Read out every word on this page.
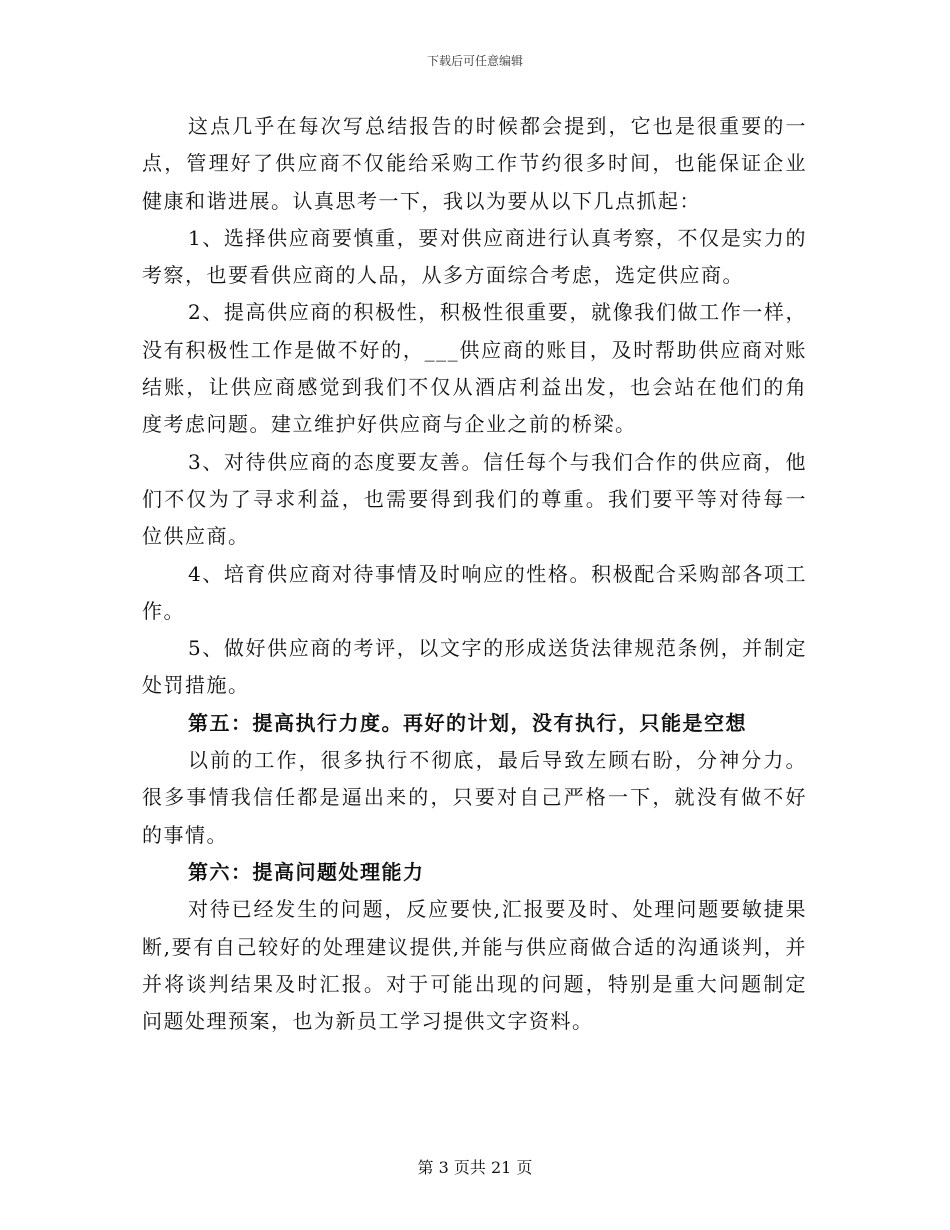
下载后可任意编辑

这点几乎在每次写总结报告的时候都会提到，它也是很重要的一点，管理好了供应商不仅能给采购工作节约很多时间，也能保证企业健康和谐进展。认真思考一下，我以为要从以下几点抓起：

1、选择供应商要慎重，要对供应商进行认真考察，不仅是实力的考察，也要看供应商的人品，从多方面综合考虑，选定供应商。

2、提高供应商的积极性，积极性很重要，就像我们做工作一样，没有积极性工作是做不好的，___供应商的账目，及时帮助供应商对账结账，让供应商感觉到我们不仅从酒店利益出发，也会站在他们的角度考虑问题。建立维护好供应商与企业之前的桥梁。

3、对待供应商的态度要友善。信任每个与我们合作的供应商，他们不仅为了寻求利益，也需要得到我们的尊重。我们要平等对待每一位供应商。

4、培育供应商对待事情及时响应的性格。积极配合采购部各项工作。

5、做好供应商的考评，以文字的形成送货法律规范条例，并制定处罚措施。

第五：提高执行力度。再好的计划，没有执行，只能是空想

以前的工作，很多执行不彻底，最后导致左顾右盼，分神分力。很多事情我信任都是逼出来的，只要对自己严格一下，就没有做不好的事情。

第六：提高问题处理能力

对待已经发生的问题，反应要快,汇报要及时、处理问题要敏捷果断,要有自己较好的处理建议提供,并能与供应商做合适的沟通谈判，并并将谈判结果及时汇报。对于可能出现的问题，特别是重大问题制定问题处理预案，也为新员工学习提供文字资料。

第 3 页共 21 页
